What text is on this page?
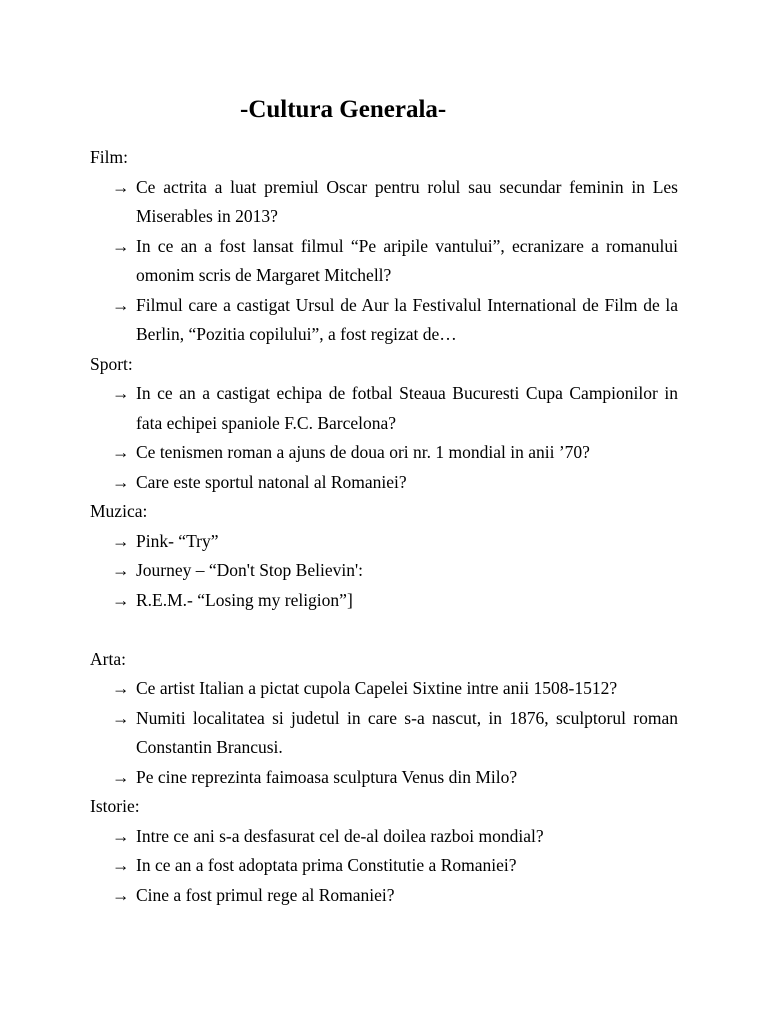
-Cultura Generala-
Film:
→ Ce actrita a luat premiul Oscar pentru rolul sau secundar feminin in Les Miserables in 2013?
→ In ce an a fost lansat filmul “Pe aripile vantului”, ecranizare a romanului omonim scris de Margaret Mitchell?
→ Filmul care a castigat Ursul de Aur la Festivalul International de Film de la Berlin, “Pozitia copilului”, a fost regizat de…
Sport:
→ In ce an a castigat echipa de fotbal Steaua Bucuresti Cupa Campionilor in fata echipei spaniole F.C. Barcelona?
→ Ce tenismen roman a ajuns de doua ori nr. 1 mondial in anii ’70?
→ Care este sportul natonal al Romaniei?
Muzica:
→ Pink- “Try”
→ Journey – “Don't Stop Believin':
→ R.E.M.- “Losing my religion”]
Arta:
→ Ce artist Italian a pictat cupola Capelei Sixtine intre anii 1508-1512?
→ Numiti localitatea si judetul in care s-a nascut, in 1876, sculptorul roman Constantin Brancusi.
→ Pe cine reprezinta faimoasa sculptura Venus din Milo?
Istorie:
→ Intre ce ani s-a desfasurat cel de-al doilea razboi mondial?
→ In ce an a fost adoptata prima Constitutie a Romaniei?
→ Cine a fost primul rege al Romaniei?
